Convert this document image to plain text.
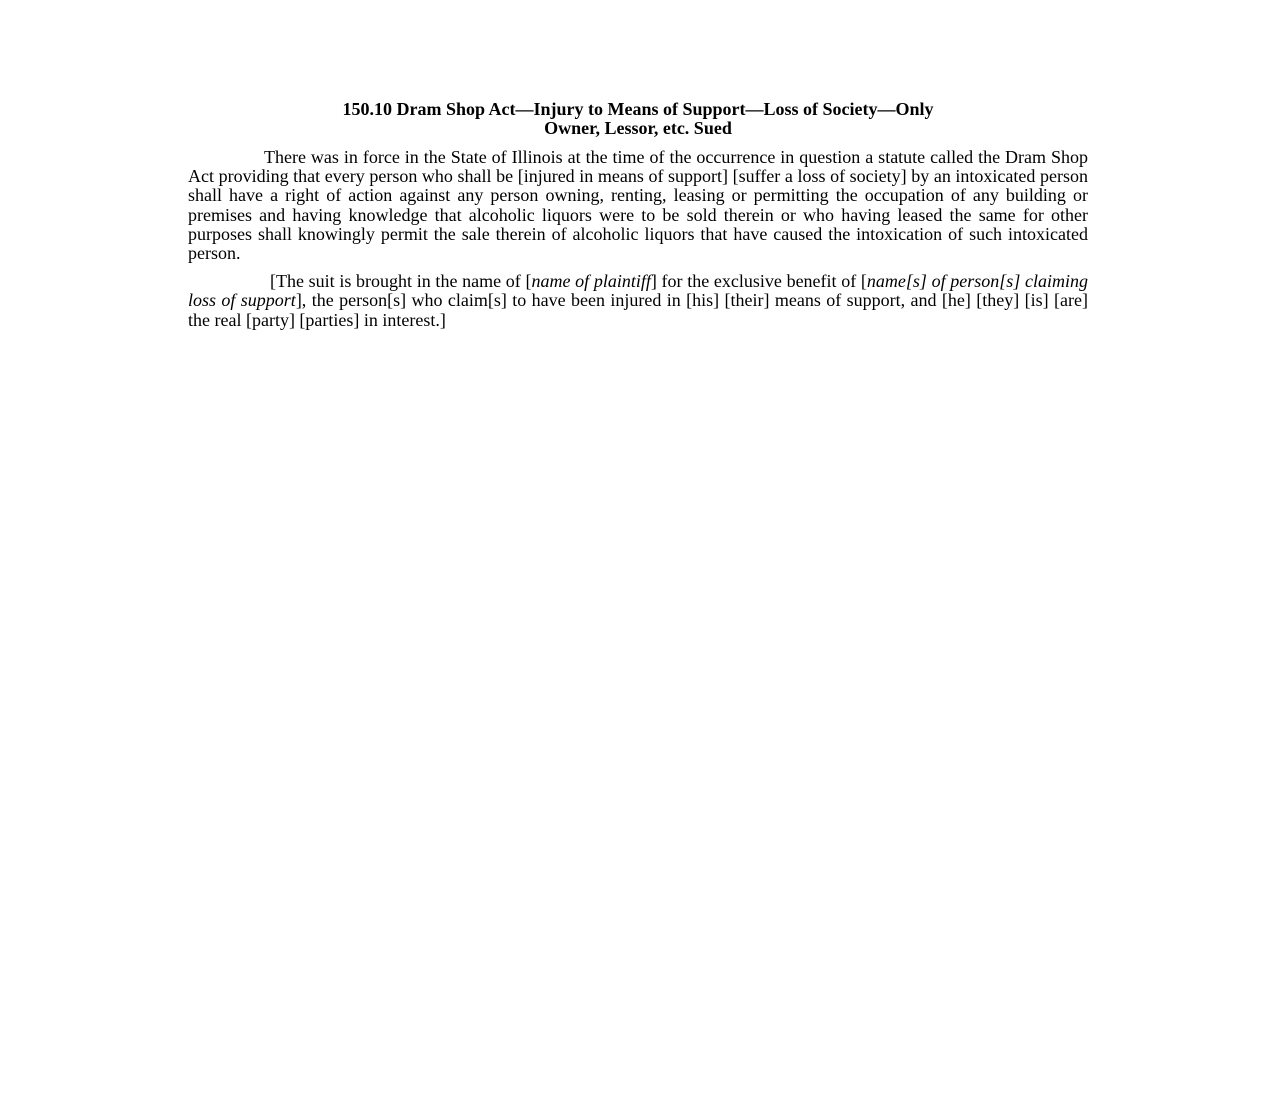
150.10 Dram Shop Act—Injury to Means of Support—Loss of Society—Only
Owner, Lessor, etc. Sued

There was in force in the State of Illinois at the time of the occurrence in question a statute called the Dram Shop Act providing that every person who shall be [injured in means of support] [suffer a loss of society] by an intoxicated person shall have a right of action against any person owning, renting, leasing or permitting the occupation of any building or premises and having knowledge that alcoholic liquors were to be sold therein or who having leased the same for other purposes shall knowingly permit the sale therein of alcoholic liquors that have caused the intoxication of such intoxicated person.

[The suit is brought in the name of [name of plaintiff] for the exclusive benefit of [name[s] of person[s] claiming loss of support], the person[s] who claim[s] to have been injured in [his] [their] means of support, and [he] [they] [is] [are] the real [party] [parties] in interest.]
